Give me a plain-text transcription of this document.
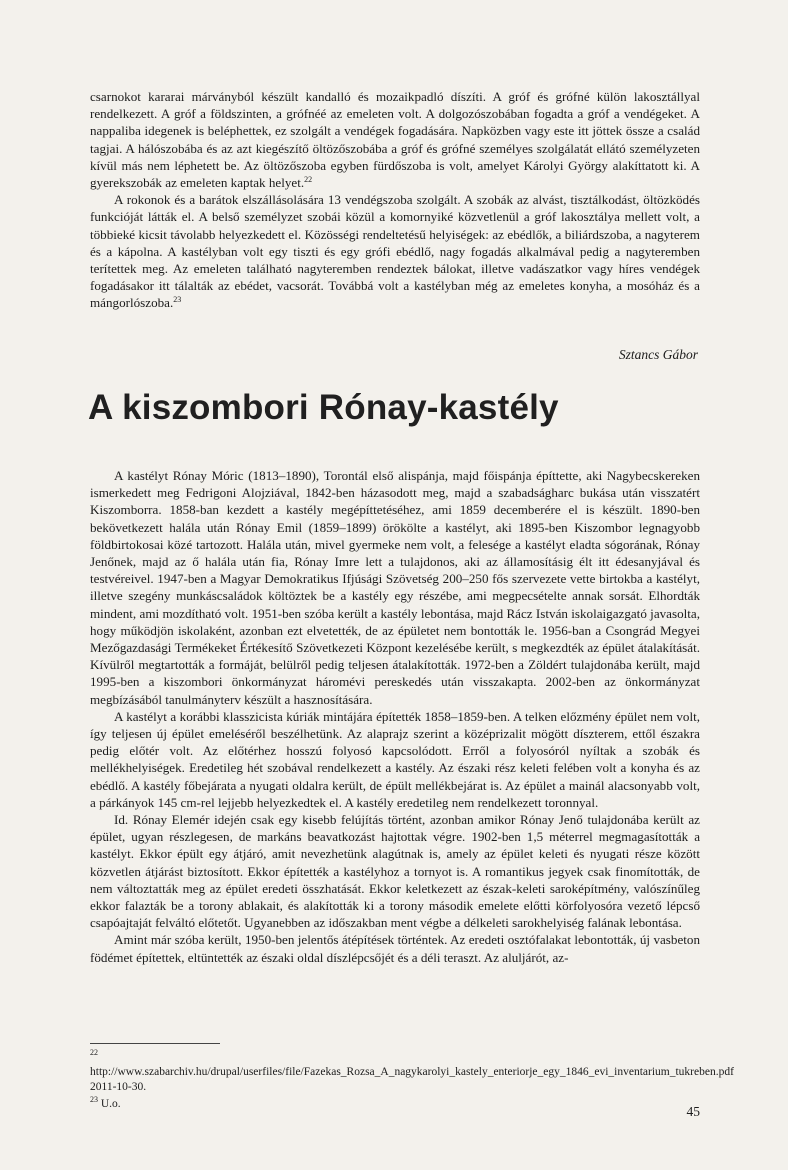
csarnokot kararai márványból készült kandalló és mozaikpadló díszíti. A gróf és grófné külön lakosztállyal rendelkezett. A gróf a földszinten, a grófnéé az emeleten volt. A dolgozószobában fogadta a gróf a vendégeket. A nappaliba idegenek is beléphettek, ez szolgált a vendégek fogadására. Napközben vagy este itt jöttek össze a család tagjai. A hálószobába és az azt kiegészítő öltözőszobába a gróf és grófné személyes szolgálatát ellátó személyzeten kívül más nem léphetett be. Az öltözőszoba egyben fürdőszoba is volt, amelyet Károlyi György alakíttatott ki. A gyerekszobák az emeleten kaptak helyet.$^{22}$

A rokonok és a barátok elszállásolására 13 vendégszoba szolgált. A szobák az alvást, tisztálkodást, öltözködés funkcióját látták el. A belső személyzet szobái közül a komornyiké közvetlenül a gróf lakosztálya mellett volt, a többieké kicsit távolabb helyezkedett el. Közösségi rendeltetésű helyiségek: az ebédlők, a biliárdszoba, a nagyterem és a kápolna. A kastélyban volt egy tiszti és egy grófi ebédlő, nagy fogadás alkalmával pedig a nagyteremben terítettek meg. Az emeleten található nagyteremben rendeztek bálokat, illetve vadászatkor vagy híres vendégek fogadásakor itt tálalták az ebédet, vacsorát. Továbbá volt a kastélyban még az emeletes konyha, a mosóház és a mángorlószoba.$^{23}$

Sztancs Gábor
A kiszombori Rónay-kastély

A kastélyt Rónay Móric (1813–1890), Torontál első alispánja, majd főispánja építtette, aki Nagybecskereken ismerkedett meg Fedrigoni Alojziával, 1842-ben házasodott meg, majd a szabadságharc bukása után visszatért Kiszomborra. 1858-ban kezdett a kastély megépíttetéséhez, ami 1859 decemberére el is készült. 1890-ben bekövetkezett halála után Rónay Emil (1859–1899) örökölte a kastélyt, aki 1895-ben Kiszombor legnagyobb földbirtokosai közé tartozott. Halála után, mivel gyermeke nem volt, a felesége a kastélyt eladta sógorának, Rónay Jenőnek, majd az ő halála után fia, Rónay Imre lett a tulajdonos, aki az államosításig élt itt édesanyjával és testvéreivel. 1947-ben a Magyar Demokratikus Ifjúsági Szövetség 200–250 fős szervezete vette birtokba a kastélyt, illetve szegény munkáscsaládok költöztek be a kastély egy részébe, ami megpecsételte annak sorsát. Elhordták mindent, ami mozdítható volt. 1951-ben szóba került a kastély lebontása, majd Rácz István iskolaigazgató javasolta, hogy működjön iskolaként, azonban ezt elvetették, de az épületet nem bontották le. 1956-ban a Csongrád Megyei Mezőgazdasági Termékeket Értékesítő Szövetkezeti Központ kezelésébe került, s megkezdték az épület átalakítását. Kívülről megtartották a formáját, belülről pedig teljesen átalakították. 1972-ben a Zöldért tulajdonába került, majd 1995-ben a kiszombori önkormányzat háromévi pereskedés után visszakapta. 2002-ben az önkormányzat megbízásából tanulmányterv készült a hasznosítására.

A kastélyt a korábbi klasszicista kúriák mintájára építették 1858–1859-ben. A telken előzmény épület nem volt, így teljesen új épület emeléséről beszélhetünk. Az alaprajz szerint a középrizalit mögött díszterem, ettől északra pedig előtér volt. Az előtérhez hosszú folyosó kapcsolódott. Erről a folyosóról nyíltak a szobák és mellékhelyiségek. Eredetileg hét szobával rendelkezett a kastély. Az északi rész keleti felében volt a konyha és az ebédlő. A kastély főbejárata a nyugati oldalra került, de épült mellékbejárat is. Az épület a mainál alacsonyabb volt, a párkányok 145 cm-rel lejjebb helyezkedtek el. A kastély eredetileg nem rendelkezett toronnyal.

Id. Rónay Elemér idején csak egy kisebb felújítás történt, azonban amikor Rónay Jenő tulajdonába került az épület, ugyan részlegesen, de markáns beavatkozást hajtottak végre. 1902-ben 1,5 méterrel megmagasították a kastélyt. Ekkor épült egy átjáró, amit nevezhetünk alagútnak is, amely az épület keleti és nyugati része között közvetlen átjárást biztosított. Ekkor építették a kastélyhoz a tornyot is. A romantikus jegyek csak finomították, de nem változtatták meg az épület eredeti összhatását. Ekkor keletkezett az észak-keleti saroképítmény, valószínűleg ekkor falazták be a torony ablakait, és alakították ki a torony második emelete előtti körfolyosóra vezető lépcső csapóajtaját felváltó előtetőt. Ugyanebben az időszakban ment végbe a délkeleti sarokhelyiség falának lebontása.

Amint már szóba került, 1950-ben jelentős átépítések történtek. Az eredeti osztófalakat lebontották, új vasbeton födémet építettek, eltüntették az északi oldal díszlépcsőjét és a déli teraszt. Az aluljárót, az-

$^{22}$ http://www.szabarchiv.hu/drupal/userfiles/file/Fazekas_Rozsa_A_nagykarolyi_kastely_enteriorje_egy_1846_evi_inventarium_tukreben.pdf 2011-10-30.

$^{23}$ U.o.	45
